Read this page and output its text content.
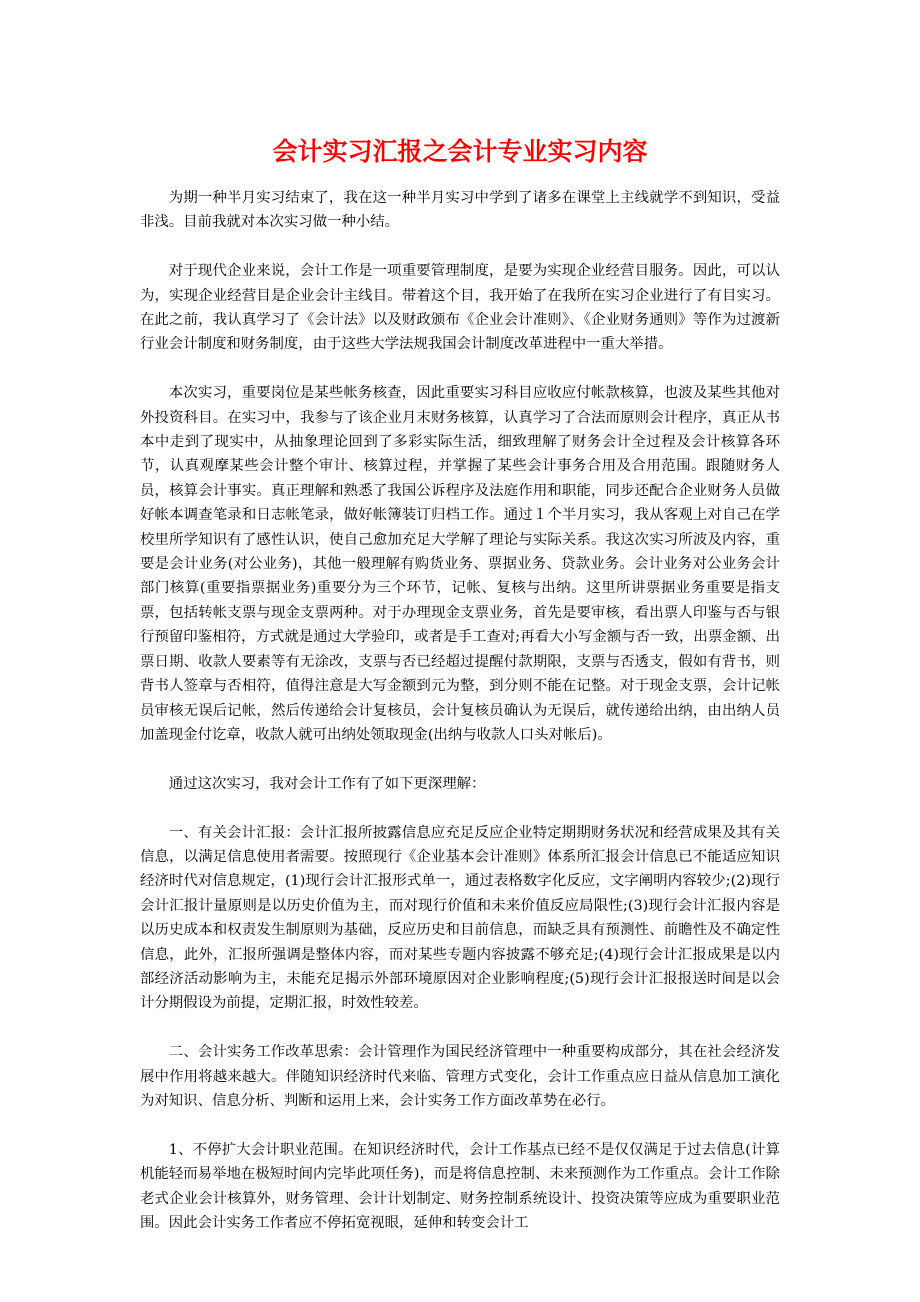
会计实习汇报之会计专业实习内容

为期一种半月实习结束了，我在这一种半月实习中学到了诸多在课堂上主线就学不到知识，受益非浅。目前我就对本次实习做一种小结。

对于现代企业来说，会计工作是一项重要管理制度，是要为实现企业经营目服务。因此，可以认为，实现企业经营目是企业会计主线目。带着这个目，我开始了在我所在实习企业进行了有目实习。在此之前，我认真学习了《会计法》以及财政颁布《企业会计准则》、《企业财务通则》等作为过渡新行业会计制度和财务制度，由于这些大学法规我国会计制度改革进程中一重大举措。

本次实习，重要岗位是某些帐务核查，因此重要实习科目应收应付帐款核算，也波及某些其他对外投资科目。在实习中，我参与了该企业月末财务核算，认真学习了合法而原则会计程序，真正从书本中走到了现实中，从抽象理论回到了多彩实际生活，细致理解了财务会计全过程及会计核算各环节，认真观摩某些会计整个审计、核算过程，并掌握了某些会计事务合用及合用范围。跟随财务人员，核算会计事实。真正理解和熟悉了我国公诉程序及法庭作用和职能，同步还配合企业财务人员做好帐本调查笔录和日志帐笔录，做好帐簿装订归档工作。通过１个半月实习，我从客观上对自己在学校里所学知识有了感性认识，使自己愈加充足大学解了理论与实际关系。我这次实习所波及内容，重要是会计业务(对公业务)，其他一般理解有购货业务、票据业务、贷款业务。会计业务对公业务会计部门核算(重要指票据业务)重要分为三个环节，记帐、复核与出纳。这里所讲票据业务重要是指支票，包括转帐支票与现金支票两种。对于办理现金支票业务，首先是要审核，看出票人印鉴与否与银行预留印鉴相符，方式就是通过大学验印，或者是手工查对;再看大小写金额与否一致，出票金额、出票日期、收款人要素等有无涂改，支票与否已经超过提醒付款期限，支票与否透支，假如有背书，则背书人签章与否相符，值得注意是大写金额到元为整，到分则不能在记整。对于现金支票，会计记帐员审核无误后记帐，然后传递给会计复核员，会计复核员确认为无误后，就传递给出纳，由出纳人员加盖现金付讫章，收款人就可出纳处领取现金(出纳与收款人口头对帐后)。

通过这次实习，我对会计工作有了如下更深理解：

一、有关会计汇报：会计汇报所披露信息应充足反应企业特定期期财务状况和经营成果及其有关信息，以满足信息使用者需要。按照现行《企业基本会计准则》体系所汇报会计信息已不能适应知识经济时代对信息规定，(1)现行会计汇报形式单一，通过表格数字化反应，文字阐明内容较少;(2)现行会计汇报计量原则是以历史价值为主，而对现行价值和未来价值反应局限性;(3)现行会计汇报内容是以历史成本和权责发生制原则为基础，反应历史和目前信息，而缺乏具有预测性、前瞻性及不确定性信息，此外，汇报所强调是整体内容，而对某些专题内容披露不够充足;(4)现行会计汇报成果是以内部经济活动影响为主，未能充足揭示外部环境原因对企业影响程度;(5)现行会计汇报报送时间是以会计分期假设为前提，定期汇报，时效性较差。

二、会计实务工作改革思索：会计管理作为国民经济管理中一种重要构成部分，其在社会经济发展中作用将越来越大。伴随知识经济时代来临、管理方式变化，会计工作重点应日益从信息加工演化为对知识、信息分析、判断和运用上来，会计实务工作方面改革势在必行。

1、不停扩大会计职业范围。在知识经济时代，会计工作基点已经不是仅仅满足于过去信息(计算机能轻而易举地在极短时间内完毕此项任务)，而是将信息控制、未来预测作为工作重点。会计工作除老式企业会计核算外，财务管理、会计计划制定、财务控制系统设计、投资决策等应成为重要职业范围。因此会计实务工作者应不停拓宽视眼，延伸和转变会计工
